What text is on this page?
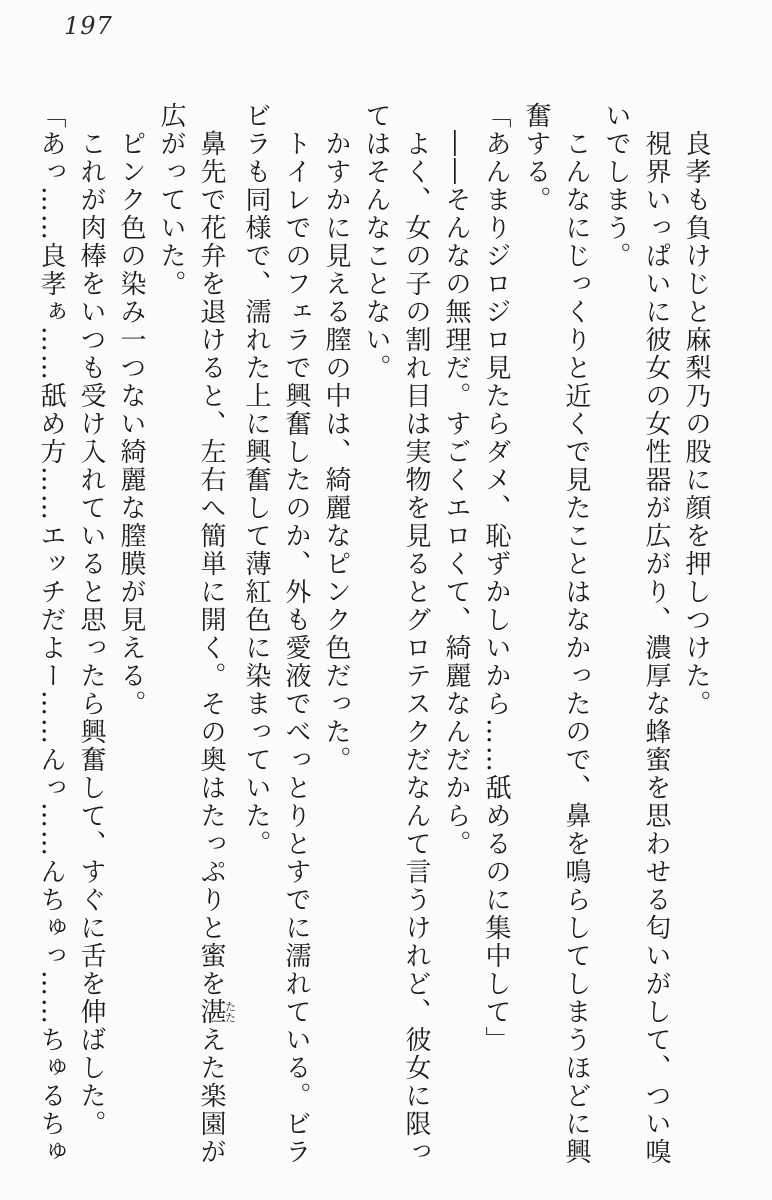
197

良孝も負けじと麻梨乃の股に顔を押しつけた。

視界いっぱいに彼女の女性器が広がり、濃厚な蜂蜜を思わせる匂いがして、つい嗅いでしまう。

こんなにじっくりと近くで見たことはなかったので、鼻を鳴らしてしまうほどに興奮する。

「あんまりジロジロ見たらダメ、恥ずかしいから……舐めるのに集中して」

――そんなの無理だ。すごくエロくて、綺麗なんだから。

よく、女の子の割れ目は実物を見るとグロテスクだなんて言うけれど、彼女に限ってはそんなことない。

かすかに見える膣の中は、綺麗なピンク色だった。

トイレでのフェラで興奮したのか、外も愛液でべっとりとすでに濡れている。ビラビラも同様で、濡れた上に興奮して薄紅色に染まっていた。

鼻先で花弁を退けると、左右へ簡単に開く。その奥はたっぷりと蜜を湛たたえた楽園が広がっていた。

ピンク色の染み一つない綺麗な膣膜が見える。

これが肉棒をいつも受け入れていると思ったら興奮して、すぐに舌を伸ばした。

「あっ……良孝ぁ……舐め方……エッチだよー……んっ……んちゅっ……ちゅるちゅ
